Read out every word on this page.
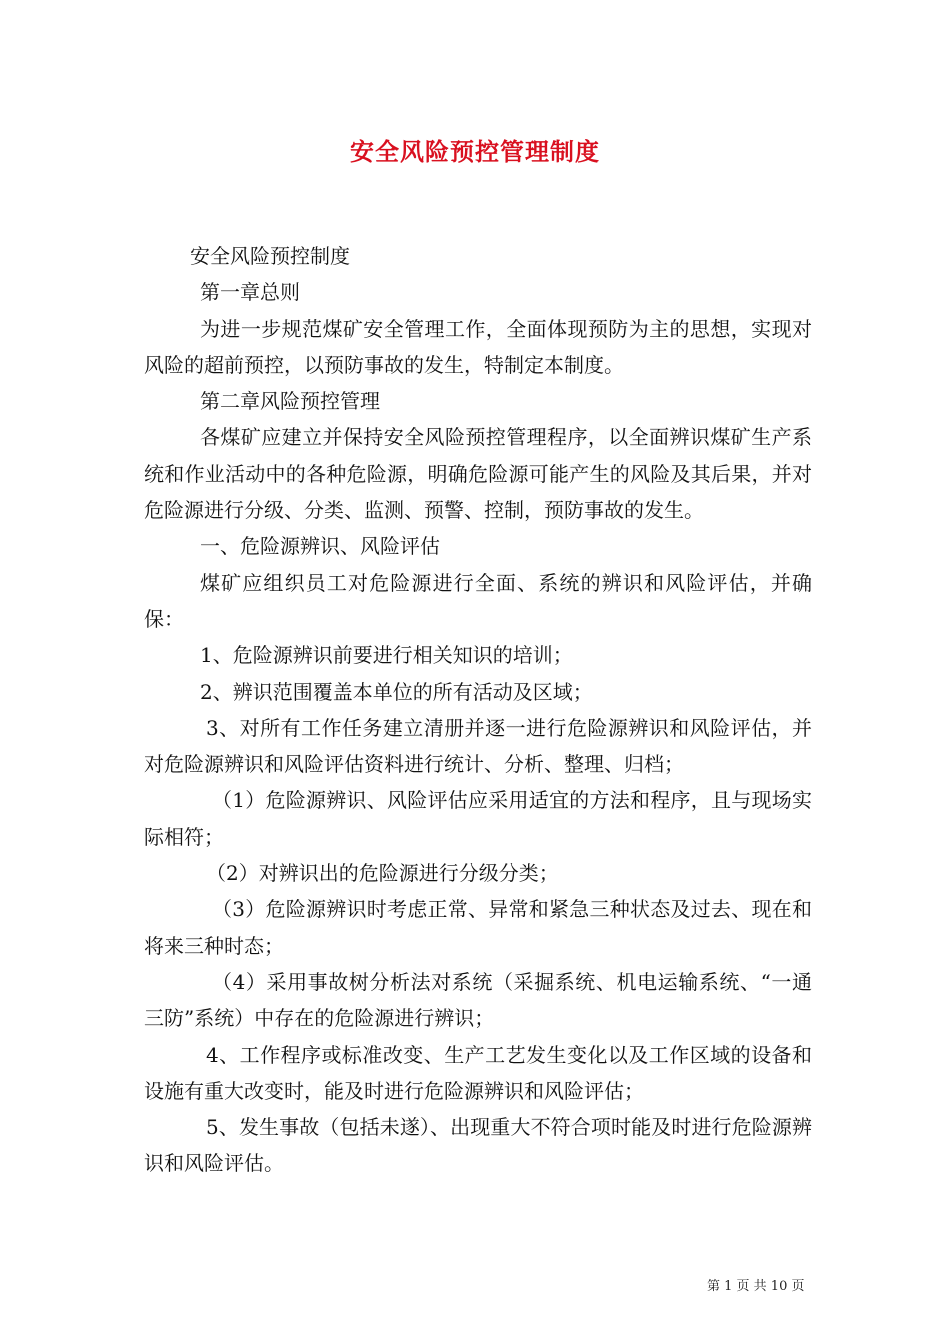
安全风险预控管理制度

安全风险预控制度

第一章总则

为进一步规范煤矿安全管理工作，全面体现预防为主的思想，实现对风险的超前预控，以预防事故的发生，特制定本制度。

第二章风险预控管理

各煤矿应建立并保持安全风险预控管理程序，以全面辨识煤矿生产系统和作业活动中的各种危险源，明确危险源可能产生的风险及其后果，并对危险源进行分级、分类、监测、预警、控制，预防事故的发生。

一、危险源辨识、风险评估

煤矿应组织员工对危险源进行全面、系统的辨识和风险评估，并确保：

1、危险源辨识前要进行相关知识的培训；

2、辨识范围覆盖本单位的所有活动及区域；

3、对所有工作任务建立清册并逐一进行危险源辨识和风险评估，并对危险源辨识和风险评估资料进行统计、分析、整理、归档；

（1）危险源辨识、风险评估应采用适宜的方法和程序，且与现场实际相符；

（2）对辨识出的危险源进行分级分类；

（3）危险源辨识时考虑正常、异常和紧急三种状态及过去、现在和将来三种时态；

（4）采用事故树分析法对系统（采掘系统、机电运输系统、“一通三防”系统）中存在的危险源进行辨识；

4、工作程序或标准改变、生产工艺发生变化以及工作区域的设备和设施有重大改变时，能及时进行危险源辨识和风险评估；

5、发生事故（包括未遂）、出现重大不符合项时能及时进行危险源辨识和风险评估。

第 1 页 共 10 页
